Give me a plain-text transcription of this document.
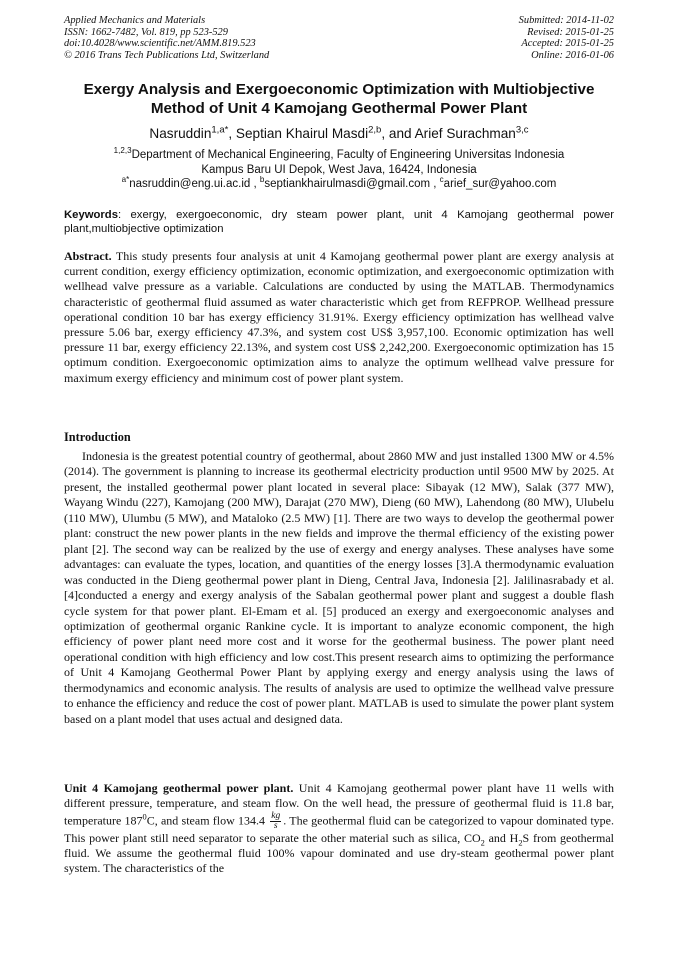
Applied Mechanics and Materials
ISSN: 1662-7482, Vol. 819, pp 523-529
doi:10.4028/www.scientific.net/AMM.819.523
© 2016 Trans Tech Publications Ltd, Switzerland
Submitted: 2014-11-02
Revised: 2015-01-25
Accepted: 2015-01-25
Online: 2016-01-06
Exergy Analysis and Exergoeconomic Optimization with Multiobjective
Method of Unit 4 Kamojang Geothermal Power Plant
Nasruddin$^{1,a*}$, Septian Khairul Masdi$^{2,b}$, and Arief Surachman$^{3,c}$
$^{1,2,3}$Department of Mechanical Engineering, Faculty of Engineering Universitas Indonesia
Kampus Baru UI Depok, West Java, 16424, Indonesia
$^{a*}$nasruddin@eng.ui.ac.id , $^b$septiankhairulmasdi@gmail.com , $^c$arief_sur@yahoo.com
Keywords: exergy, exergoeconomic, dry steam power plant, unit 4 Kamojang geothermal power plant,multiobjective optimization
Abstract. This study presents four analysis at unit 4 Kamojang geothermal power plant are exergy analysis at current condition, exergy efficiency optimization, economic optimization, and exergoeconomic optimization with wellhead valve pressure as a variable. Calculations are conducted by using the MATLAB. Thermodynamics characteristic of geothermal fluid assumed as water characteristic which get from REFPROP. Wellhead pressure operational condition 10 bar has exergy efficiency 31.91%. Exergy efficiency optimization has wellhead valve pressure 5.06 bar, exergy efficiency 47.3%, and system cost US$ 3,957,100. Economic optimization has well pressure 11 bar, exergy efficiency 22.13%, and system cost US$ 2,242,200. Exergoeconomic optimization has 15 optimum condition. Exergoeconomic optimization aims to analyze the optimum wellhead valve pressure for maximum exergy efficiency and minimum cost of power plant system.
Introduction
Indonesia is the greatest potential country of geothermal, about 2860 MW and just installed 1300 MW or 4.5% (2014). The government is planning to increase its geothermal electricity production until 9500 MW by 2025. At present, the installed geothermal power plant located in several place: Sibayak (12 MW), Salak (377 MW), Wayang Windu (227), Kamojang (200 MW), Darajat (270 MW), Dieng (60 MW), Lahendong (80 MW), Ulubelu (110 MW), Ulumbu (5 MW), and Mataloko (2.5 MW) [1]. There are two ways to develop the geothermal power plant: construct the new power plants in the new fields and improve the thermal efficiency of the existing power plant [2]. The second way can be realized by the use of exergy and energy analyses. These analyses have some advantages: can evaluate the types, location, and quantities of the energy losses [3].A thermodynamic evaluation was conducted in the Dieng geothermal power plant in Dieng, Central Java, Indonesia [2]. Jalilinasrabady et al. [4]conducted a energy and exergy analysis of the Sabalan geothermal power plant and suggest a double flash cycle system for that power plant. El-Emam et al. [5] produced an exergy and exergoeconomic analyses and optimization of geothermal organic Rankine cycle. It is important to analyze economic component, the high efficiency of power plant need more cost and it worse for the geothermal business. The power plant need operational condition with high efficiency and low cost.This present research aims to optimizing the performance of Unit 4 Kamojang Geothermal Power Plant by applying exergy and energy analysis using the laws of thermodynamics and economic analysis. The results of analysis are used to optimize the wellhead valve pressure to enhance the efficiency and reduce the cost of power plant. MATLAB is used to simulate the power plant system based on a plant model that uses actual and designed data.
Unit 4 Kamojang geothermal power plant. Unit 4 Kamojang geothermal power plant have 11 wells with different pressure, temperature, and steam flow. On the well head, the pressure of geothermal fluid is 11.8 bar, temperature $187^0C$, and steam flow $134.4 \frac{kg}{s}$ . The geothermal fluid can be categorized to vapour dominated type. This power plant still need separator to separate the other material such as silica, $CO_2$ and $H_2S$ from geothermal fluid. We assume the geothermal fluid 100% vapour dominated and use dry-steam geothermal power plant system. The characteristics of the
